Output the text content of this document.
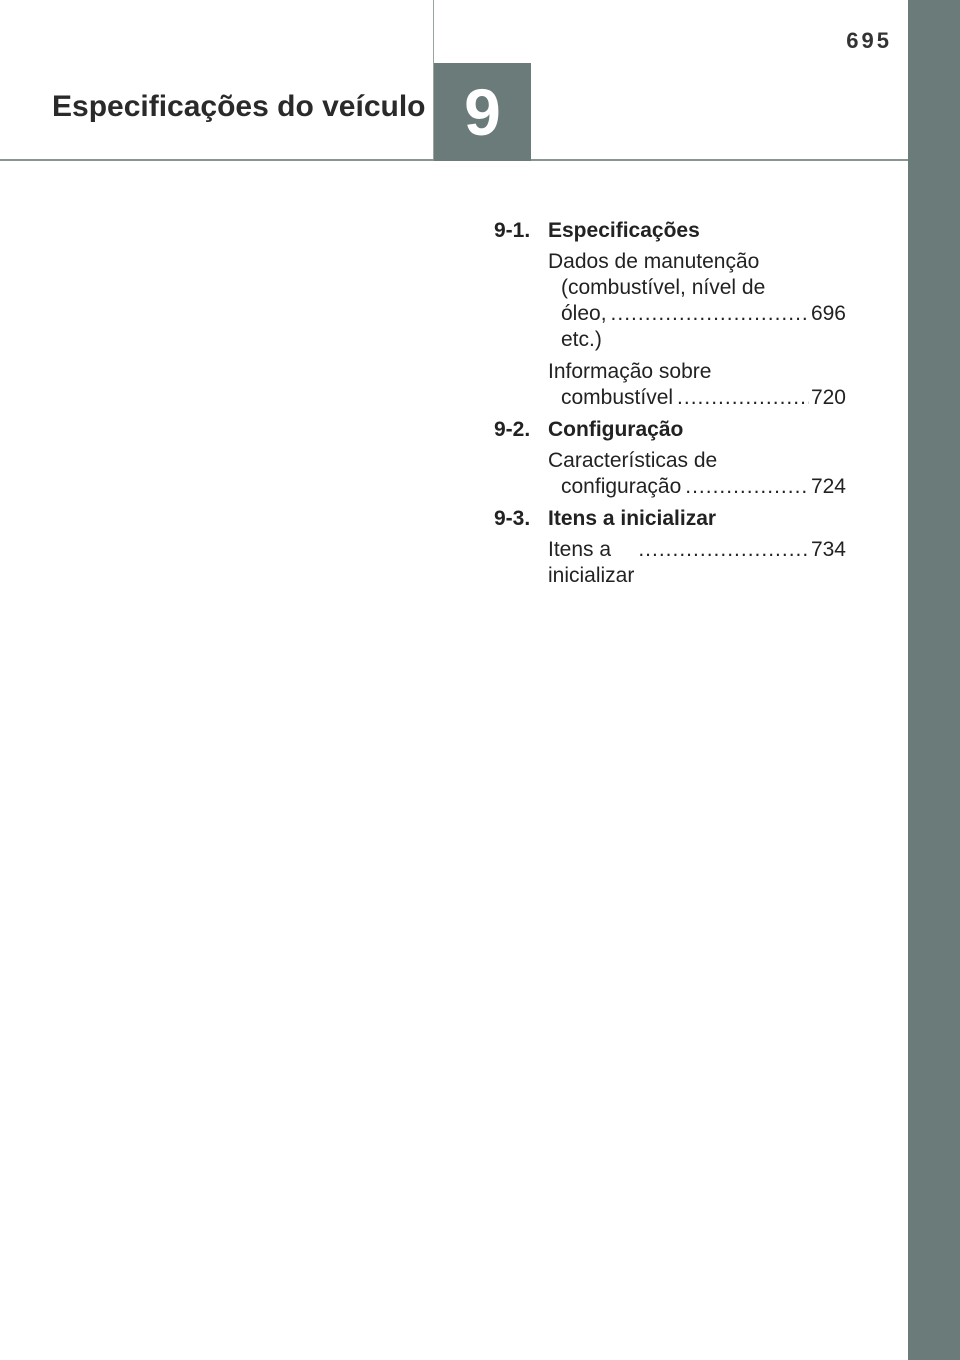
695
Especificações do veículo 9
9-1. Especificações
Dados de manutenção
(combustível, nível de
óleo, etc.)
.....
696
Informação sobre
combustível .....	720
9-2. Configuração
Características de
configuração .....	724
9-3. Itens a inicializar
Itens a inicializar
.....
734
